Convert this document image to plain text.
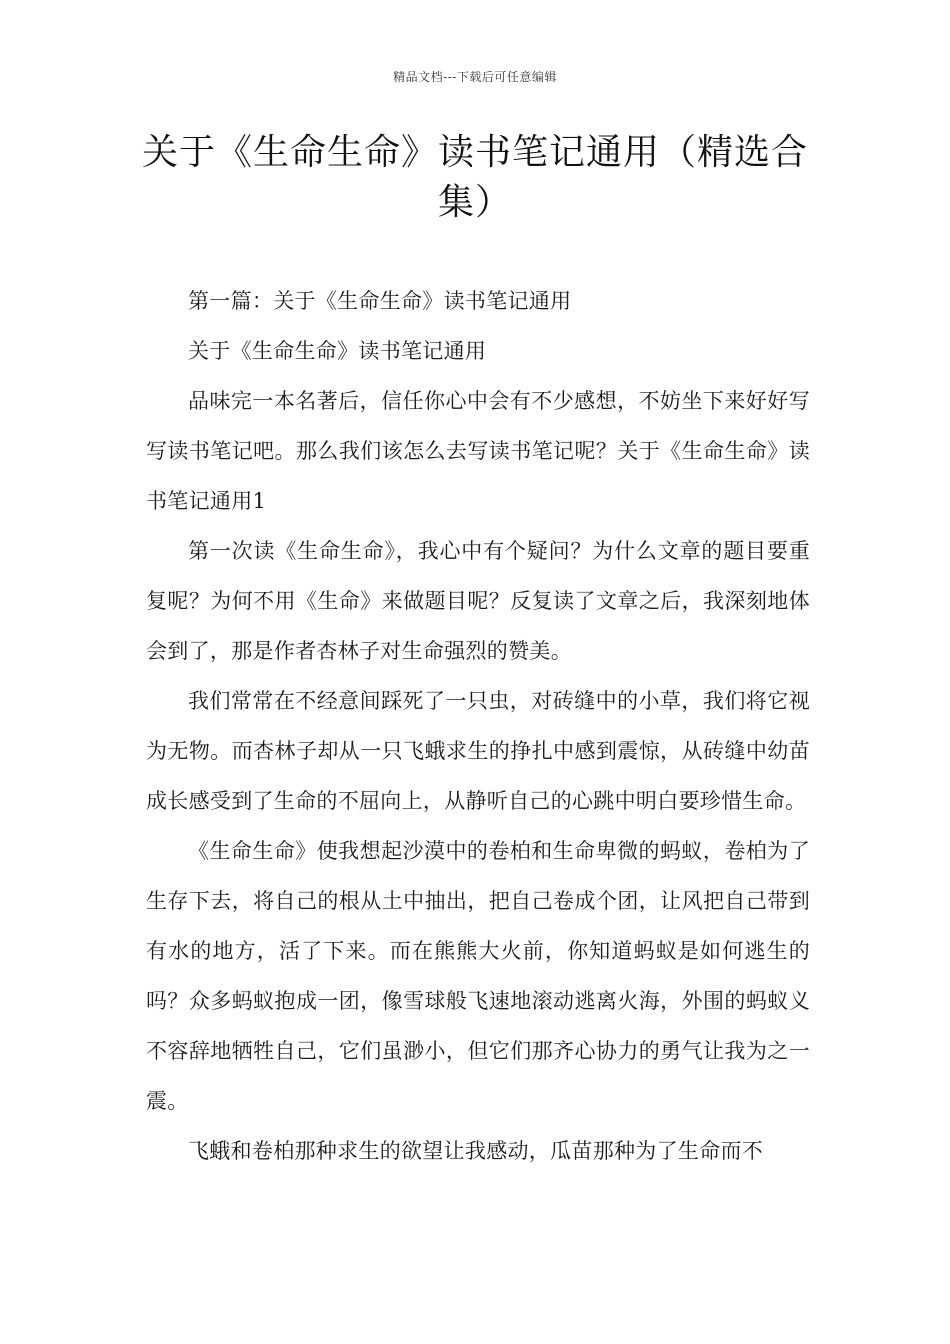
精品文档---下载后可任意编辑
关于《生命生命》读书笔记通用（精选合集）

第一篇：关于《生命生命》读书笔记通用

关于《生命生命》读书笔记通用

品味完一本名著后，信任你心中会有不少感想，不妨坐下来好好写写读书笔记吧。那么我们该怎么去写读书笔记呢？关于《生命生命》读书笔记通用1

第一次读《生命生命》，我心中有个疑问？为什么文章的题目要重复呢？为何不用《生命》来做题目呢？反复读了文章之后，我深刻地体会到了，那是作者杏林子对生命强烈的赞美。

我们常常在不经意间踩死了一只虫，对砖缝中的小草，我们将它视为无物。而杏林子却从一只飞蛾求生的挣扎中感到震惊，从砖缝中幼苗成长感受到了生命的不屈向上，从静听自己的心跳中明白要珍惜生命。

《生命生命》使我想起沙漠中的卷柏和生命卑微的蚂蚁，卷柏为了生存下去，将自己的根从土中抽出，把自己卷成个团，让风把自己带到有水的地方，活了下来。而在熊熊大火前，你知道蚂蚁是如何逃生的吗？众多蚂蚁抱成一团，像雪球般飞速地滚动逃离火海，外围的蚂蚁义不容辞地牺牲自己，它们虽渺小，但它们那齐心协力的勇气让我为之一震。

飞蛾和卷柏那种求生的欲望让我感动，瓜苗那种为了生命而不
